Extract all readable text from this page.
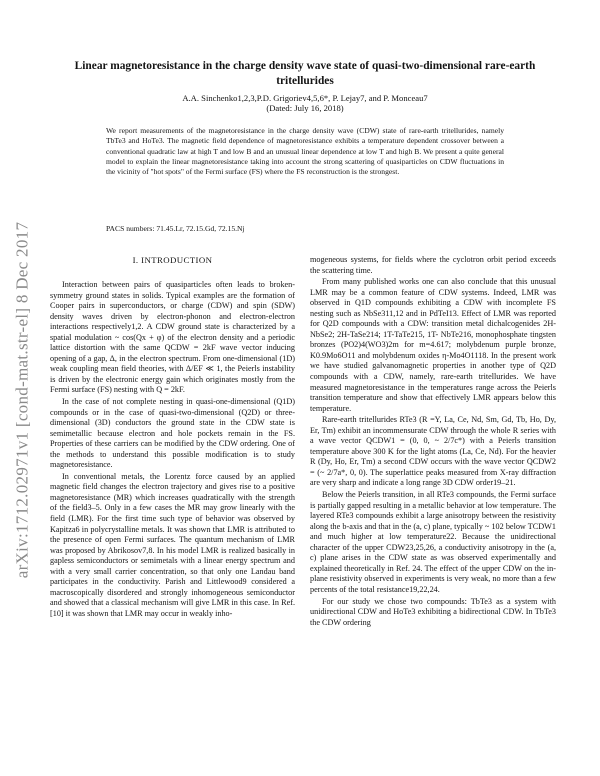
arXiv:1712.02971v1 [cond-mat.str-el] 8 Dec 2017
Linear magnetoresistance in the charge density wave state of quasi-two-dimensional rare-earth tritellurides
A.A. Sinchenko1,2,3,P.D. Grigoriev4,5,6*, P. Lejay7, and P. Monceau7
(Dated: July 16, 2018)
We report measurements of the magnetoresistance in the charge density wave (CDW) state of rare-earth tritellurides, namely TbTe3 and HoTe3. The magnetic field dependence of magnetoresistance exhibits a temperature dependent crossover between a conventional quadratic law at high T and low B and an unusual linear dependence at low T and high B. We present a quite general model to explain the linear magnetoresistance taking into account the strong scattering of quasiparticles on CDW fluctuations in the vicinity of "hot spots" of the Fermi surface (FS) where the FS reconstruction is the strongest.
PACS numbers: 71.45.Lr, 72.15.Gd, 72.15.Nj
I. INTRODUCTION

Interaction between pairs of quasiparticles often leads to broken-symmetry ground states in solids. Typical examples are the formation of Cooper pairs in superconductors, or charge (CDW) and spin (SDW) density waves driven by electron-phonon and electron-electron interactions respectively1,2. A CDW ground state is characterized by a spatial modulation ~ cos(Qx + φ) of the electron density and a periodic lattice distortion with the same QCDW = 2kF wave vector inducing opening of a gap, Δ, in the electron spectrum. From one-dimensional (1D) weak coupling mean field theories, with Δ/EF ≪ 1, the Peierls instability is driven by the electronic energy gain which originates mostly from the Fermi surface (FS) nesting with Q = 2kF.

In the case of not complete nesting in quasi-one-dimensional (Q1D) compounds or in the case of quasi-two-dimensional (Q2D) or three-dimensional (3D) conductors the ground state in the CDW state is semimetallic because electron and hole pockets remain in the FS. Properties of these carriers can be modified by the CDW ordering. One of the methods to understand this possible modification is to study magnetoresistance.

In conventional metals, the Lorentz force caused by an applied magnetic field changes the electron trajectory and gives rise to a positive magnetoresistance (MR) which increases quadratically with the strength of the field3–5. Only in a few cases the MR may grow linearly with the field (LMR). For the first time such type of behavior was observed by Kapitza6 in polycrystalline metals. It was shown that LMR is attributed to the presence of open Fermi surfaces. The quantum mechanism of LMR was proposed by Abrikosov7,8. In his model LMR is realized basically in gapless semiconductors or semimetals with a linear energy spectrum and with a very small carrier concentration, so that only one Landau band participates in the conductivity. Parish and Littlewood9 considered a macroscopically disordered and strongly inhomogeneous semiconductor and showed that a classical mechanism will give LMR in this case. In Ref. [10] it was shown that LMR may occur in weakly inho-

mogeneous systems, for fields where the cyclotron orbit period exceeds the scattering time.

From many published works one can also conclude that this unusual LMR may be a common feature of CDW systems. Indeed, LMR was observed in Q1D compounds exhibiting a CDW with incomplete FS nesting such as NbSe311,12 and in PdTeI13. Effect of LMR was reported for Q2D compounds with a CDW: transition metal dichalcogenides 2H-NbSe2; 2H-TaSe214; 1T-TaTe215, 1T- NbTe216, monophosphate tingsten bronzes (PO2)4(WO3)2m for m=4.617; molybdenum purple bronze, K0.9Mo6O11 and molybdenum oxides η-Mo4O1118. In the present work we have studied galvanomagnetic properties in another type of Q2D compounds with a CDW, namely, rare-earth tritellurides. We have measured magnetoresistance in the temperatures range across the Peierls transition temperature and show that effectively LMR appears below this temperature.

Rare-earth tritellurides RTe3 (R =Y, La, Ce, Nd, Sm, Gd, Tb, Ho, Dy, Er, Tm) exhibit an incommensurate CDW through the whole R series with a wave vector QCDW1 = (0, 0, ~ 2/7c*) with a Peierls transition temperature above 300 K for the light atoms (La, Ce, Nd). For the heavier R (Dy, Ho, Er, Tm) a second CDW occurs with the wave vector QCDW2 = (~ 2/7a*, 0, 0). The superlattice peaks measured from X-ray diffraction are very sharp and indicate a long range 3D CDW order19–21.

Below the Peierls transition, in all RTe3 compounds, the Fermi surface is partially gapped resulting in a metallic behavior at low temperature. The layered RTe3 compounds exhibit a large anisotropy between the resistivity along the b-axis and that in the (a, c) plane, typically ~ 102 below TCDW1 and much higher at low temperature22. Because the unidirectional character of the upper CDW23,25,26, a conductivity anisotropy in the (a, c) plane arises in the CDW state as was observed experimentally and explained theoretically in Ref. 24. The effect of the upper CDW on the in-plane resistivity observed in experiments is very weak, no more than a few percents of the total resistance19,22,24.

For our study we chose two compounds: TbTe3 as a system with unidirectional CDW and HoTe3 exhibiting a bidirectional CDW. In TbTe3 the CDW ordering
